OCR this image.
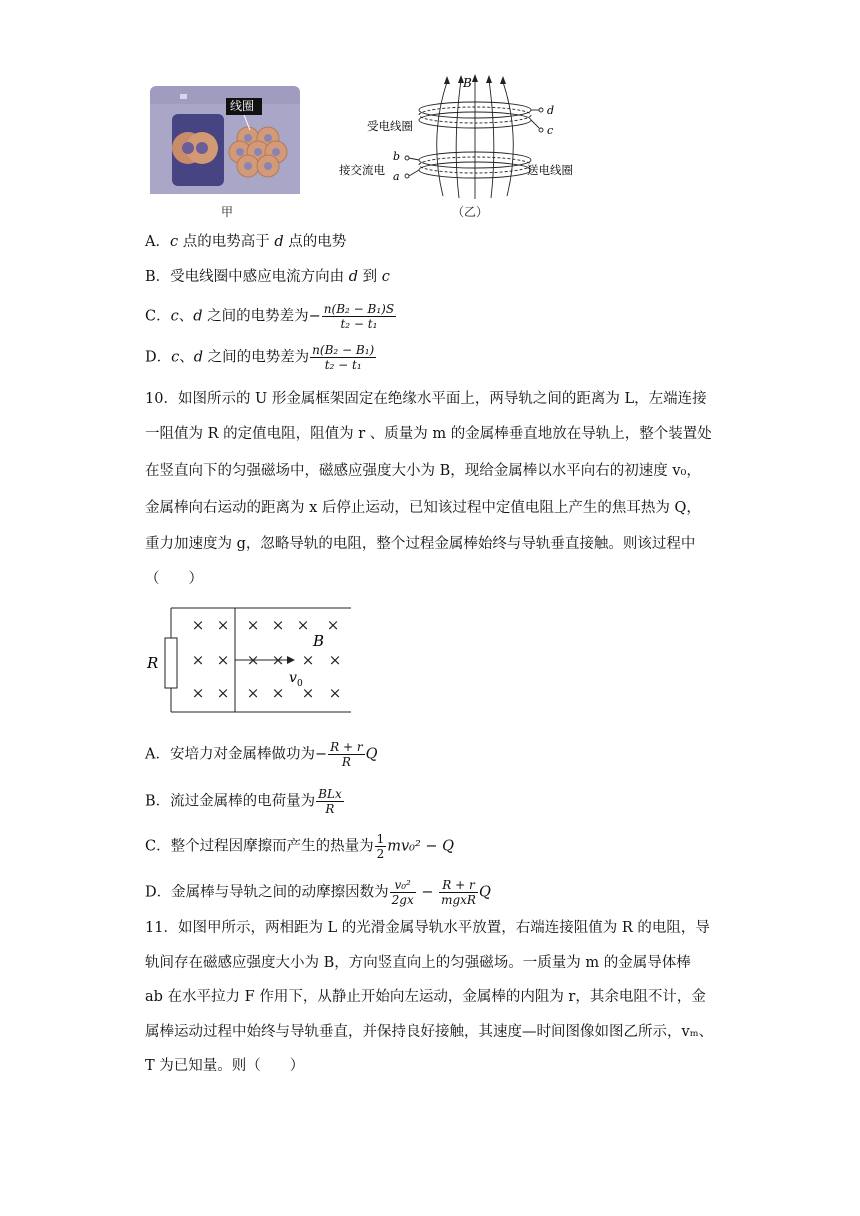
线圈
甲
B
受电线圈
接交流电	送电线圈
d
c
b
a
（乙）
A．c 点的电势高于 d 点的电势
B．受电线圈中感应电流方向由 d 到 c
C．c、d 之间的电势差为− $\frac{\text{n(B₂ − B₁)S}}{\text{t₂ − t₁}}$
D．c、d 之间的电势差为 $\frac{\text{n(B₂ − B₁)}}{\text{t₂ − t₁}}$
10．如图所示的 U 形金属框架固定在绝缘水平面上，两导轨之间的距离为 L，左端连接
一阻值为 R 的定值电阻，阻值为 r 、质量为 m 的金属棒垂直地放在导轨上，整个装置处
在竖直向下的匀强磁场中，磁感应强度大小为 B，现给金属棒以水平向右的初速度 v₀，
金属棒向右运动的距离为 x 后停止运动，已知该过程中定值电阻上产生的焦耳热为 Q，
重力加速度为 g，忽略导轨的电阻，整个过程金属棒始终与导轨垂直接触。则该过程中
（　　）
× × × × × ×
× × × × × ×
× × × × × ×
R
B
v 0
A．安培力对金属棒做功为− $\frac{R + r}{R}$ Q
B．流过金属棒的电荷量为 $\frac{\text{BLx}}{R}$
C．整个过程因摩擦而产生的热量为 $\frac{1}{2} mv_0^2 - Q$
D．金属棒与导轨之间的动摩擦因数为 $\frac{\text{v₀²}}{2gx} - \frac{R + r}{\text{mgxR}}$ Q
11．如图甲所示，两相距为 L 的光滑金属导轨水平放置，右端连接阻值为 R 的电阻，导
轨间存在磁感应强度大小为 B，方向竖直向上的匀强磁场。一质量为 m 的金属导体棒
ab 在水平拉力 F 作用下，从静止开始向左运动，金属棒的内阻为 r，其余电阻不计，金
属棒运动过程中始终与导轨垂直，并保持良好接触，其速度—时间图像如图乙所示，vₘ、
T 为已知量。则（　　）
